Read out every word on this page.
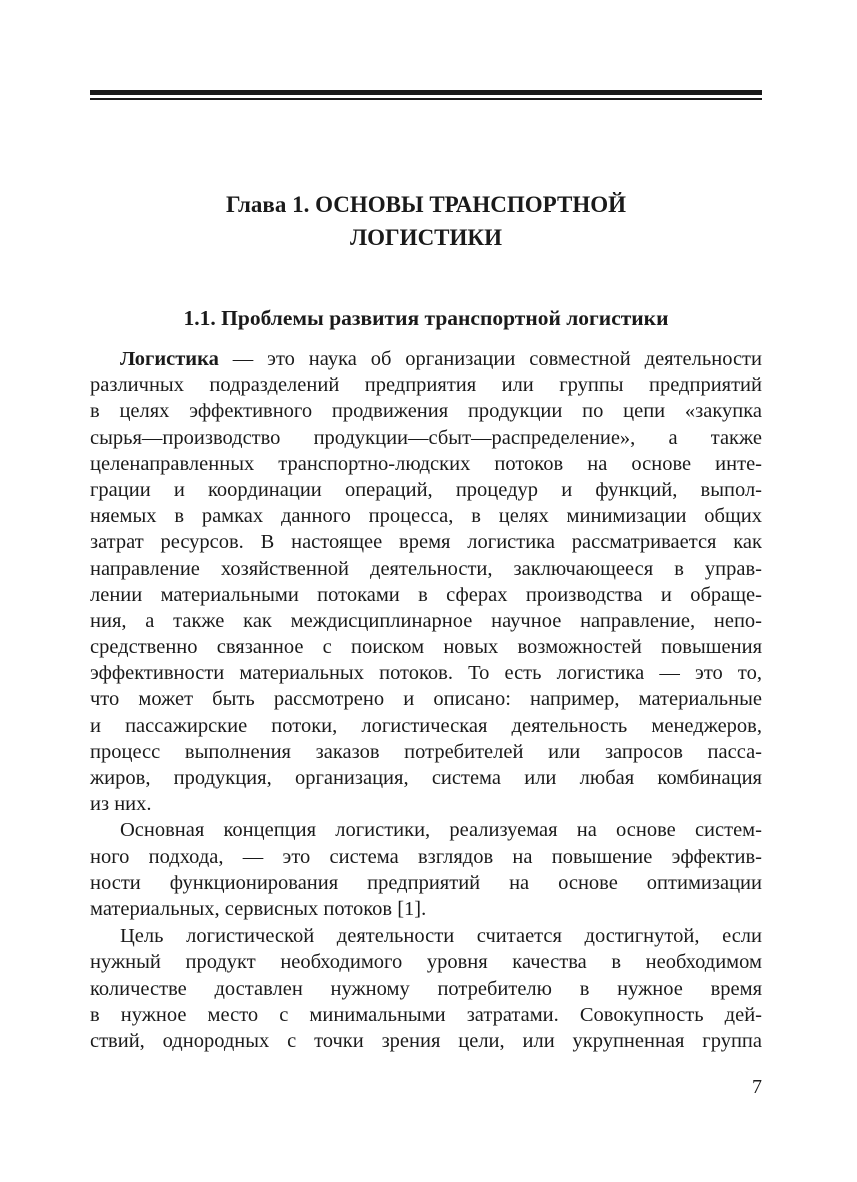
Глава 1. ОСНОВЫ ТРАНСПОРТНОЙ
ЛОГИСТИКИ
1.1. Проблемы развития транспортной логистики
Логистика — это наука об организации совместной деятельности
различных подразделений предприятия или группы предприятий
в целях эффективного продвижения продукции по цепи «закупка
сырья—производство продукции—сбыт—распределение», а также
целенаправленных транспортно-людских потоков на основе инте-
грации и координации операций, процедур и функций, выпол-
няемых в рамках данного процесса, в целях минимизации общих
затрат ресурсов. В настоящее время логистика рассматривается как
направление хозяйственной деятельности, заключающееся в управ-
лении материальными потоками в сферах производства и обраще-
ния, а также как междисциплинарное научное направление, непо-
средственно связанное с поиском новых возможностей повышения
эффективности материальных потоков. То есть логистика — это то,
что может быть рассмотрено и описано: например, материальные
и пассажирские потоки, логистическая деятельность менеджеров,
процесс выполнения заказов потребителей или запросов пасса-
жиров, продукция, организация, система или любая комбинация
из них.
Основная концепция логистики, реализуемая на основе систем-
ного подхода, — это система взглядов на повышение эффектив-
ности функционирования предприятий на основе оптимизации
материальных, сервисных потоков [1].
Цель логистической деятельности считается достигнутой, если
нужный продукт необходимого уровня качества в необходимом
количестве доставлен нужному потребителю в нужное время
в нужное место с минимальными затратами. Совокупность дей-
ствий, однородных с точки зрения цели, или укрупненная группа
7
